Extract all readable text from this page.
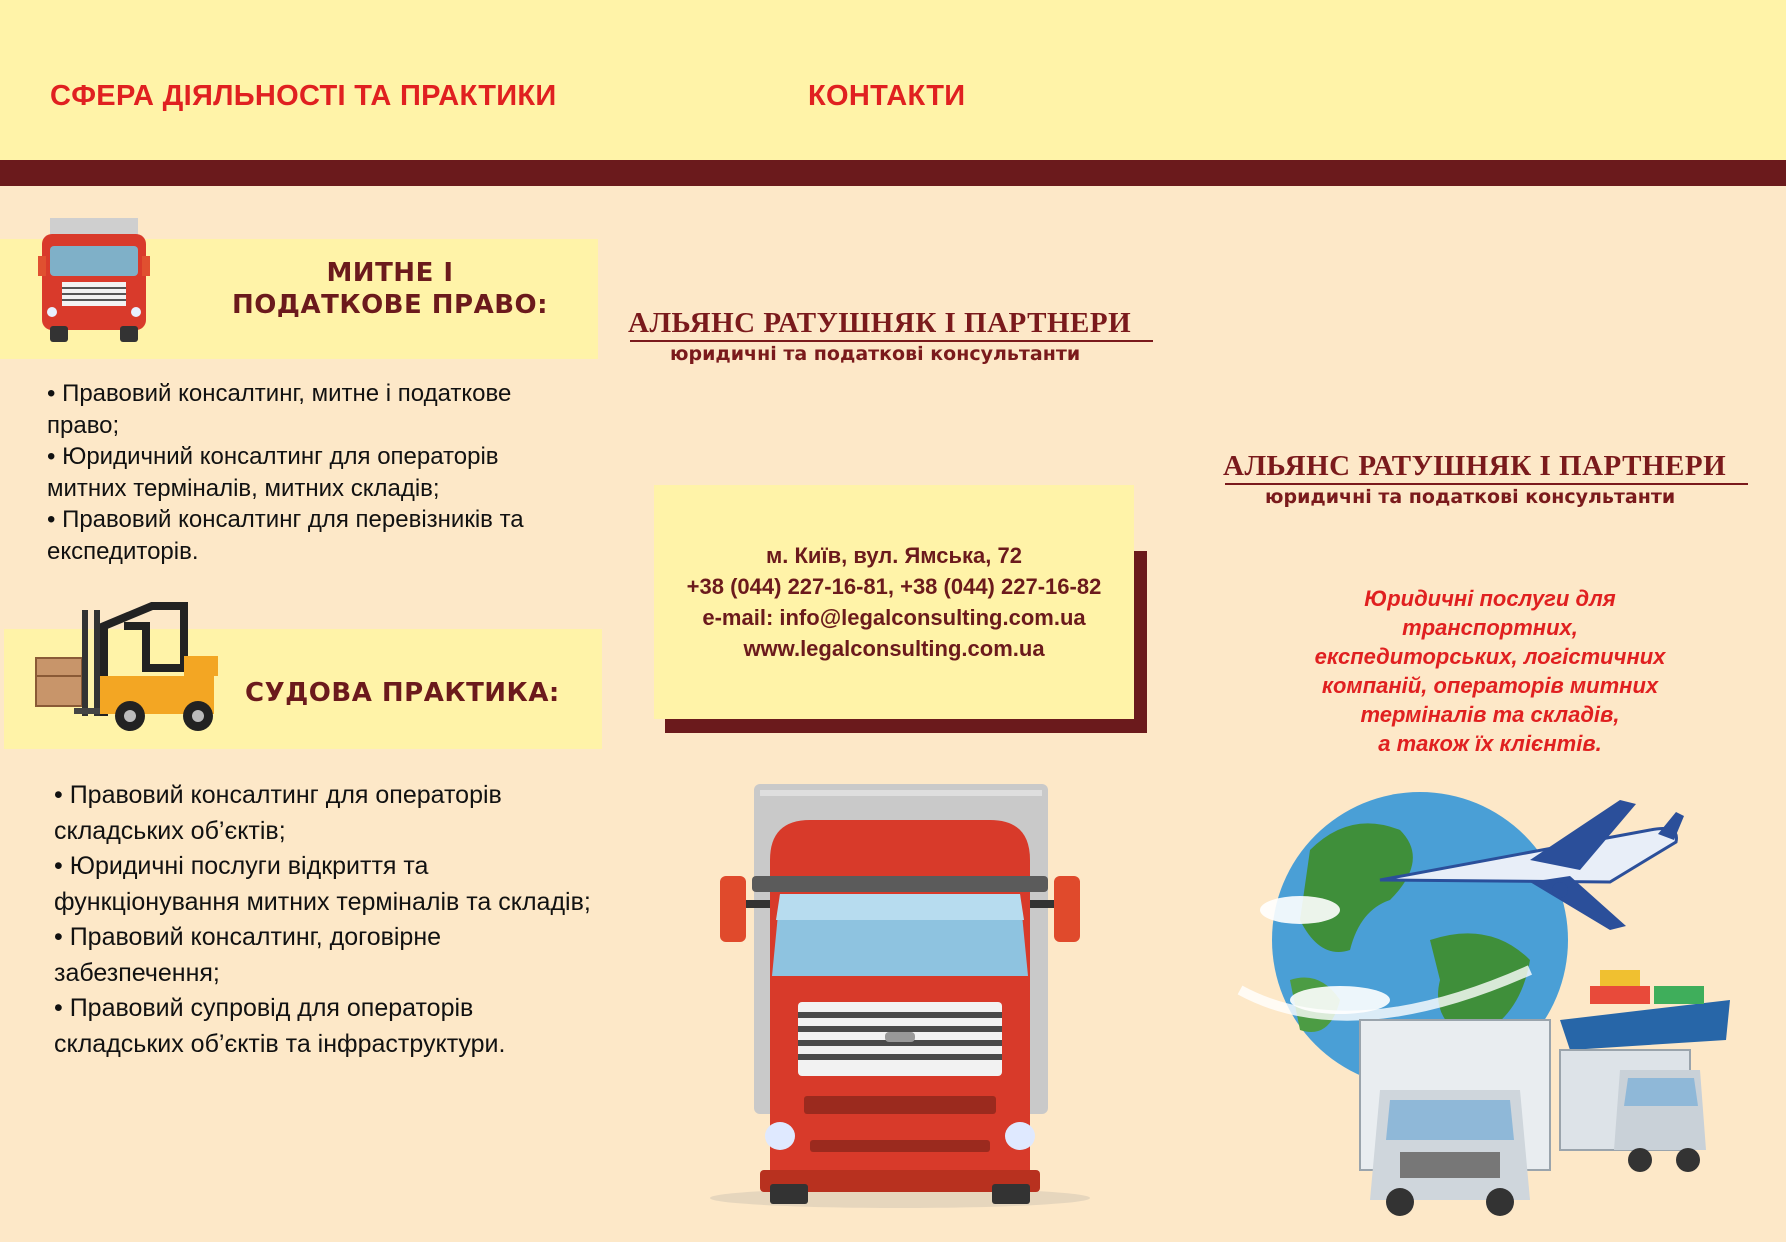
СФЕРА ДІЯЛЬНОСТІ ТА ПРАКТИКИ	КОНТАКТИ
МИТНЕ І
ПОДАТКОВЕ ПРАВО:

• Правовий консалтинг, митне і податкове право;

• Юридичний консалтинг для операторів митних терміналів, митних складів;

• Правовий консалтинг для перевізників та експедиторів.

СУДОВА ПРАКТИКА:

• Правовий консалтинг для операторів складських об’єктів;

• Юридичні послуги відкриття та функціонування митних терміналів та складів;

• Правовий консалтинг, договірне забезпечення;

• Правовий супровід для операторів складських об’єктів та інфраструктури.

АЛЬЯНС РАТУШНЯК І ПАРТНЕРИ
юридичні та податкові консультанти
м. Київ, вул. Ямська, 72
+38 (044) 227-16-81, +38 (044) 227-16-82
e-mail: info@legalconsulting.com.ua
www.legalconsulting.com.ua
АЛЬЯНС РАТУШНЯК І ПАРТНЕРИ
юридичні та податкові консультанти
Юридичні послуги для
транспортних,
експедиторських, логістичних
компаній, операторів митних
терміналів та складів,
а також їх клієнтів.
